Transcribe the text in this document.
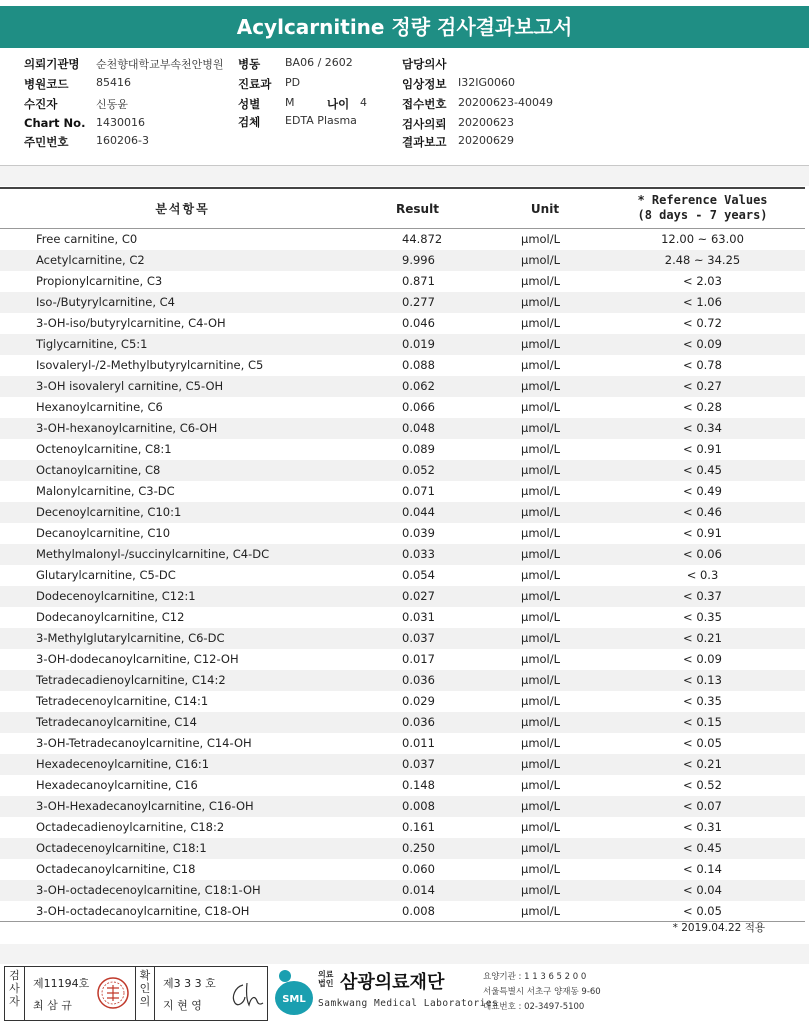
Acylcarnitine 정량 검사결과보고서
의뢰기관명 순천향대학교부속천안병원 병동 BA06 / 2602	담당의사
병원코드	85416	진료과 PD	임상정보 I32IG0060
수진자	신동윤	성별 M	나이 4	접수번호 20200623-40049
Chart No. 1430016	검체 EDTA Plasma	검사의뢰 20200623
주민번호	160206-3	결과보고 20200629
분석항목	Result	Unit
* Reference Values
(8 days - 7 years)
Free carnitine, C0	44.872	μmol/L	12.00 ~ 63.00
Acetylcarnitine, C2	9.996	μmol/L	2.48 ~ 34.25
Propionylcarnitine, C3	0.871	μmol/L	< 2.03
Iso-/Butyrylcarnitine, C4	0.277	μmol/L	< 1.06
3-OH-iso/butyrylcarnitine, C4-OH	0.046	μmol/L	< 0.72
Tiglycarnitine, C5:1	0.019	μmol/L	< 0.09
Isovaleryl-/2-Methylbutyrylcarnitine, C5	0.088	μmol/L	< 0.78
3-OH isovaleryl carnitine, C5-OH	0.062	μmol/L	< 0.27
Hexanoylcarnitine, C6	0.066	μmol/L	< 0.28
3-OH-hexanoylcarnitine, C6-OH	0.048	μmol/L	< 0.34
Octenoylcarnitine, C8:1	0.089	μmol/L	< 0.91
Octanoylcarnitine, C8	0.052	μmol/L	< 0.45
Malonylcarnitine, C3-DC	0.071	μmol/L	< 0.49
Decenoylcarnitine, C10:1	0.044	μmol/L	< 0.46
Decanoylcarnitine, C10	0.039	μmol/L	< 0.91
Methylmalonyl-/succinylcarnitine, C4-DC	0.033	μmol/L	< 0.06
Glutarylcarnitine, C5-DC	0.054	μmol/L	< 0.3
Dodecenoylcarnitine, C12:1	0.027	μmol/L	< 0.37
Dodecanoylcarnitine, C12	0.031	μmol/L	< 0.35
3-Methylglutarylcarnitine, C6-DC	0.037	μmol/L	< 0.21
3-OH-dodecanoylcarnitine, C12-OH	0.017	μmol/L	< 0.09
Tetradecadienoylcarnitine, C14:2	0.036	μmol/L	< 0.13
Tetradecenoylcarnitine, C14:1	0.029	μmol/L	< 0.35
Tetradecanoylcarnitine, C14	0.036	μmol/L	< 0.15
3-OH-Tetradecanoylcarnitine, C14-OH	0.011	μmol/L	< 0.05
Hexadecenoylcarnitine, C16:1	0.037	μmol/L	< 0.21
Hexadecanoylcarnitine, C16	0.148	μmol/L	< 0.52
3-OH-Hexadecanoylcarnitine, C16-OH	0.008	μmol/L	< 0.07
Octadecadienoylcarnitine, C18:2	0.161	μmol/L	< 0.31
Octadecenoylcarnitine, C18:1	0.250	μmol/L	< 0.45
Octadecanoylcarnitine, C18	0.060	μmol/L	< 0.14
3-OH-octadecenoylcarnitine, C18:1-OH	0.014	μmol/L	< 0.04
3-OH-octadecanoylcarnitine, C18-OH	0.008	μmol/L	< 0.05
* 2019.04.22 적용
검
사
자
제11194호
최 삼 규
확
인
의
제3 3 3 호
지 현 영	SML
의료
법인 삼광의료재단
Samkwang Medical Laboratories
요양기관 : 1 1 3 6 5 2 0 0
서울특별시 서초구 양재동 9-60
대표번호 : 02-3497-5100
